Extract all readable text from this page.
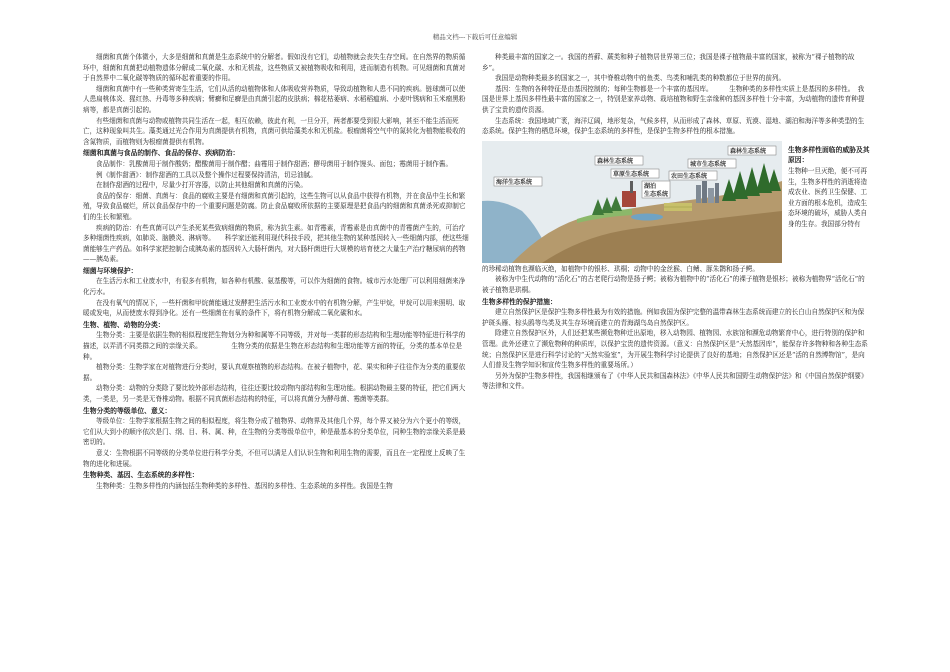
精品文档---下载后可任意编辑

细菌和真菌个体微小，大多是细菌和真菌是生态系统中的分解者。假如没有它们，动植物就会丧失生存空间。在自然界的物质循环中，细菌和真菌把动植物遗体分解成二氧化碳、水和无机盐，这些物质又被植物吸收和利用，进而制造有机物。可见细菌和真菌对于自然界中二氧化碳等物质的循环起着重要的作用。

细菌和真菌中有一些种类营寄生生活，它们从活的动植物体和人体吸收营养物质，导致动植物和人患不同的疾病。链球菌可以使人患扁桃体炎、猩红热、丹毒等多种疾病；臂癣和足癣是由真菌引起的皮肤病；棉花枯萎病、水稻稻瘟病、小麦叶锈病和玉米瘤黑粉病等，都是真菌引起的。

有些细菌和真菌与动物或植物共同生活在一起，相互依赖，彼此有利，一旦分开，两者都要受到很大影响，甚至不能生活而死亡，这种现象叫共生。藻类通过光合作用为真菌提供有机物，真菌可供给藻类水和无机盐。根瘤菌将空气中的氮转化为植物能吸收的含氮物质，而植物则为根瘤菌提供有机物。

细菌和真菌与食品的制作、食品的保存、疾病防治：

食品制作：乳酸菌用于制作酸奶；醋酸菌用于制作醋；曲霉用于制作甜酒；酵母菌用于制作馒头、面包；霉菌用于制作酱。

例《制作甜酒》：制作甜酒的工具以及整个操作过程要保持清洁，切忌油腻。

在制作甜酒的过程中，尽量少打开容器，以防止其他细菌和真菌的污染。

食品的保存：细菌、真菌与：食品的腐败主要是有细菌和真菌引起的，这些生物可以从食品中获得有机物，并在食品中生长和繁殖，导致食品腐烂，所以食品保存中的一个重要问题是防腐。防止食品腐败所依据的主要原理是把食品内的细菌和真菌杀死或抑制它们的生长和繁殖。

疾病的防治：有些真菌可以产生杀死某些致病细菌的物质，称为抗生素。如青霉素，青霉素是由真菌中的青霉菌产生的，可治疗多种细菌性疾病，如肺炎、脑膜炎、淋病等。　　科学家还能利用现代科技手段，把其他生物的某种基因转入一些细菌内部，使这些细菌能够生产药品。如科学家把控制合成胰岛素的基因转入大肠杆菌内，对大肠杆菌进行大规模的培育使之大量生产治疗糖尿病的药物——胰岛素。

细菌与环境保护：

在生活污水和工业废水中，有很多有机物，如各种有机酸、氨基酸等，可以作为细菌的食物。城市污水处理厂可以利用细菌来净化污水。

在没有氧气的情况下，一些杆菌和甲烷菌能通过发酵把生活污水和工业废水中的有机物分解，产生甲烷，甲烷可以用来照明、取暖或发电，从而使废水得到净化。还有一些细菌在有氧的条件下，将有机物分解成二氧化碳和水。

生物、植物、动物的分类：

生物分类：主要是依据生物的相似程度把生物划分为种和属等不同等级，并对每一类群的形态结构和生理功能等特征进行科学的描述，以弄清不同类群之间的亲缘关系。　　　　　生物分类的依据是生物在形态结构和生理功能等方面的特征，分类的基本单位是种。

植物分类：生物学家在对植物进行分类时，要认真观察植物的形态结构。在被子植物中，花、果实和种子往往作为分类的重要依据。

动物分类：动物的分类除了要比较外部形态结构，往往还要比较动物内部结构和生理功能。根据动物最主要的特征，把它们两大类，一类是，另一类是无脊椎动物。根据不同真菌形态结构的特征，可以将真菌分为酵母菌、霉菌等类群。

生物分类的等级单位、意义：

等级单位：生物学家根据生物之间的相似程度，将生物分成了植物界、动物界及其他几个界，每个界又被分为六个更小的等级，它们从大到小的顺序依次是门、纲、目、科、属、种，在生物的分类等级单位中，种是最基本的分类单位，同种生物的亲缘关系是最密切的。

意义：生物根据不同等级的分类单位进行科学分类，不但可以满足人们认识生物和利用生物的需要，而且在一定程度上反映了生物的进化和进展。

生物种类、基因、生态系统的多样性：

生物种类：生物多样性的内涵包括生物种类的多样性、基因的多样性、生态系统的多样性。我国是生物

种类最丰富的国家之一。我国的苔藓、蕨类和种子植物居世界第三位；我国是裸子植物最丰富的国家，被称为“裸子植物的故乡”。

我国是动物种类最多的国家之一，其中脊椎动物中的鱼类、鸟类和哺乳类的种数都位于世界的前列。

基因：生物的各种特征是由基因控制的；每种生物都是一个丰富的基因库。　　　生物种类的多样性实质上是基因的多样性。　我国是世界上基因多样性最丰富的国家之一，特别是家养动物、栽培植物和野生亲缘种的基因多样性十分丰富，为动植物的遗传育种提供了宝贵的遗传资源。

生态系统：我国地域广袤，海洋辽阔，地形复杂，气候多样，从而形成了森林、草原、荒漠、湿地、湖泊和海洋等多种类型的生态系统。保护生物的栖息环境，保护生态系统的多样性，是保护生物多样性的根本措施。

海洋生态系统
森林生态系统
草原生态系统
湖泊
生态系统
农田生态系统
城市生态系统
森林生态系统	生物多样性面临的威胁及其原因：

生物种一旦灭绝，便不可再生，生物多样性的消逝将造成农业、医药卫生保健、工业方面的根本危机，造成生态环境的破坏，威胁人类自身的生存。我国部分特有

的珍稀动植物也濒临灭绝，如植物中的银杉、珙桐；动物中的金丝猴、白鳍、豚朱鹮和扬子鳄。

被称为中生代动物的“活化石”的古老爬行动物是扬子鳄；被称为植物中的“活化石”的裸子植物是银杉；被称为植物界“活化石”的被子植物是珙桐。

生物多样性的保护措施：

建立自然保护区是保护生物多样性最为有效的措施。例如我国为保护完整的温带森林生态系统而建立的长白山自然保护区和为保护斑头雁、棕头鸥等鸟类及其生存环境而建立的青海湖鸟岛自然保护区。

除建立自然保护区外，人们还把某些濒危物种迁出原地，移入动物园、植物园、水族馆和濒危动物繁育中心，进行特别的保护和管理。此外还建立了濒危物种的种质库，以保护宝贵的遗传资源。（意义：自然保护区是“天然基因库”，能保存许多物种和各种生态系统；自然保护区是进行科学讨论的“天然实验室”，为开展生物科学讨论提供了良好的基地；自然保护区还是“活的自然博物馆”，是向人们普及生物学知识和宣传生物多样性的重要场所。）

另外为保护生物多样性，我国相继颁布了《中华人民共和国森林法》《中华人民共和国野生动物保护法》和《中国自然保护纲要》等法律和文件。
